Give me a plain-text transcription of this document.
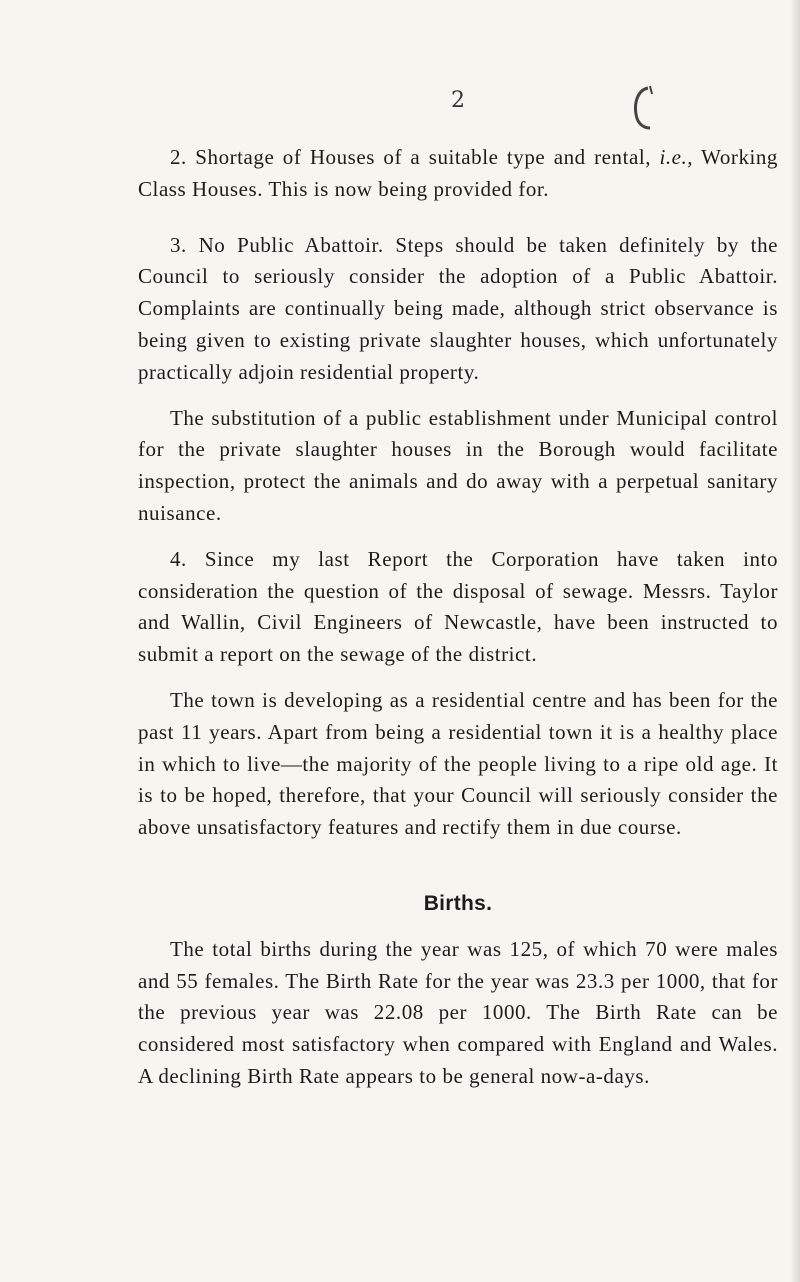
2

2. Shortage of Houses of a suitable type and rental, i.e., Working Class Houses. This is now being provided for.

3. No Public Abattoir. Steps should be taken definitely by the Council to seriously consider the adoption of a Public Abattoir. Complaints are continually being made, although strict observance is being given to existing private slaughter houses, which unfortunately practically adjoin residential property.

The substitution of a public establishment under Municipal control for the private slaughter houses in the Borough would facilitate inspection, protect the animals and do away with a perpetual sanitary nuisance.

4. Since my last Report the Corporation have taken into consideration the question of the disposal of sewage. Messrs. Taylor and Wallin, Civil Engineers of Newcastle, have been instructed to submit a report on the sewage of the district.

The town is developing as a residential centre and has been for the past 11 years. Apart from being a residential town it is a healthy place in which to live—the majority of the people living to a ripe old age. It is to be hoped, therefore, that your Council will seriously consider the above unsatisfactory features and rectify them in due course.

Births.

The total births during the year was 125, of which 70 were males and 55 females. The Birth Rate for the year was 23.3 per 1000, that for the previous year was 22.08 per 1000. The Birth Rate can be considered most satisfactory when compared with England and Wales. A declining Birth Rate appears to be general now-a-days.
